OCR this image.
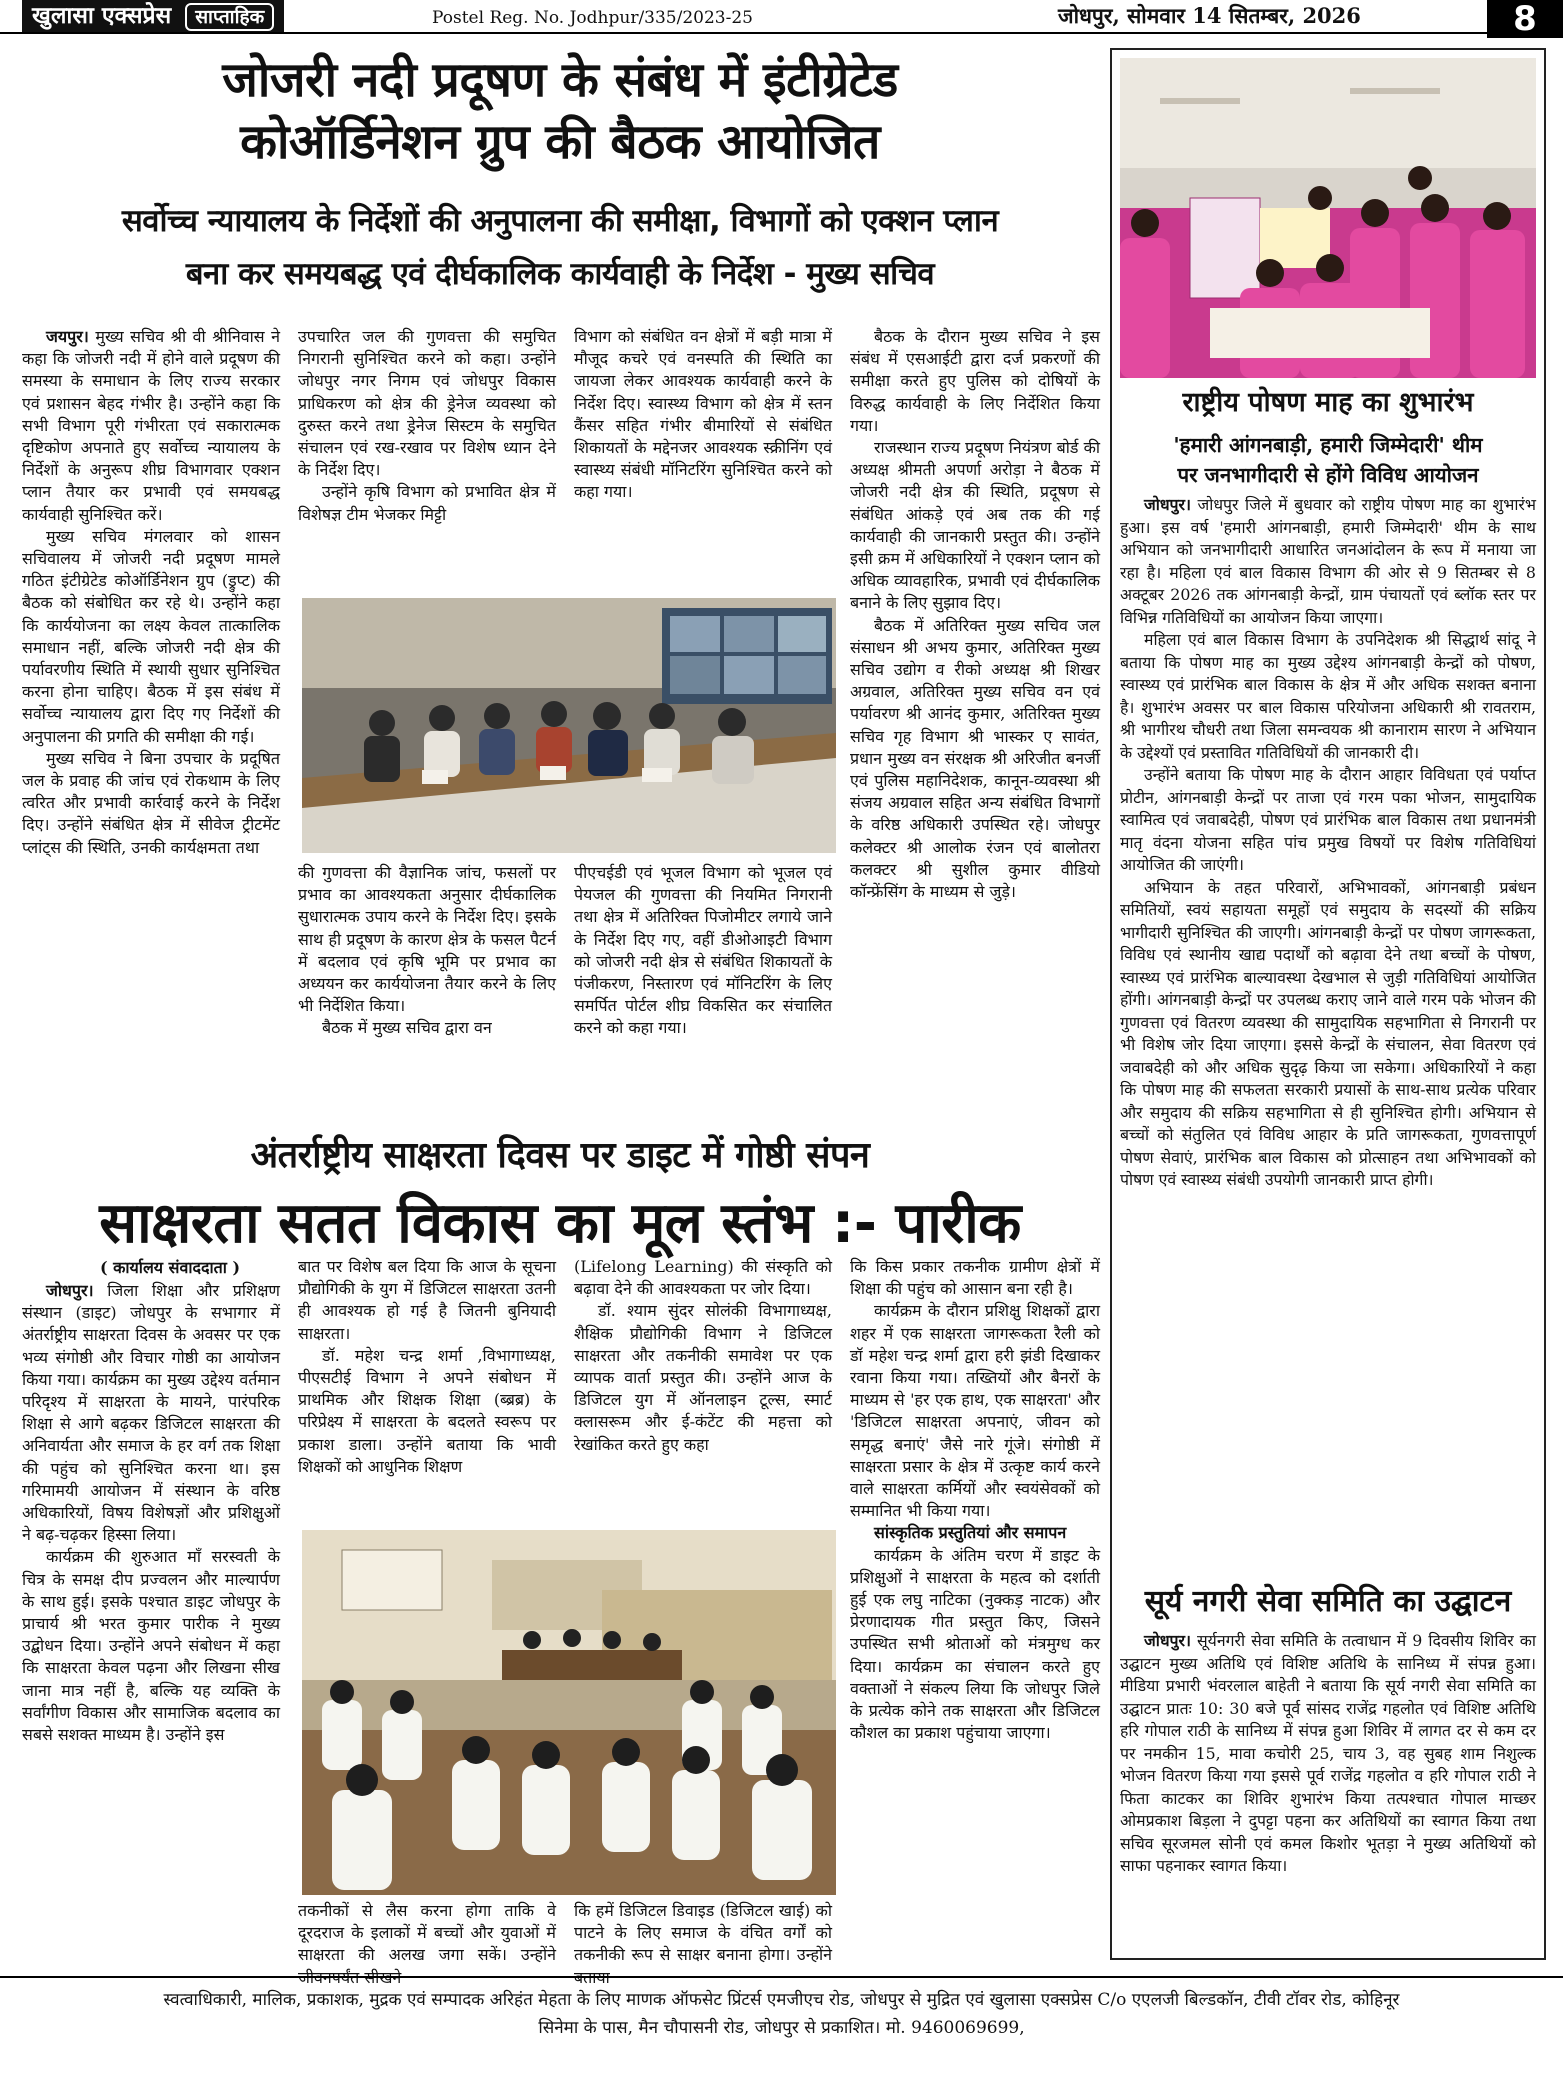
खुलासा एक्सप्रेस साप्ताहिक	Postel Reg. No. Jodhpur/335/2023-25	जोधपुर, सोमवार 14 सितम्बर, 2026	8
जोजरी नदी प्रदूषण के संबंध में इंटीग्रेटेड
कोऑर्डिनेशन ग्रुप की बैठक आयोजित
सर्वोच्च न्यायालय के निर्देशों की अनुपालना की समीक्षा, विभागों को एक्शन प्लान
बना कर समयबद्ध एवं दीर्घकालिक कार्यवाही के निर्देश - मुख्य सचिव

जयपुर। मुख्य सचिव श्री वी श्रीनिवास ने कहा कि जोजरी नदी में होने वाले प्रदूषण की समस्या के समाधान के लिए राज्य सरकार एवं प्रशासन बेहद गंभीर है। उन्होंने कहा कि सभी विभाग पूरी गंभीरता एवं सकारात्मक दृष्टिकोण अपनाते हुए सर्वोच्च न्यायालय के निर्देशों के अनुरूप शीघ्र विभागवार एक्शन प्लान तैयार कर प्रभावी एवं समयबद्ध कार्यवाही सुनिश्चित करें।

मुख्य सचिव मंगलवार को शासन सचिवालय में जोजरी नदी प्रदूषण मामले गठित इंटीग्रेटेड कोऑर्डिनेशन ग्रुप (ड्रुप्ट) की बैठक को संबोधित कर रहे थे। उन्होंने कहा कि कार्ययोजना का लक्ष्य केवल तात्कालिक समाधान नहीं, बल्कि जोजरी नदी क्षेत्र की पर्यावरणीय स्थिति में स्थायी सुधार सुनिश्चित करना होना चाहिए। बैठक में इस संबंध में सर्वोच्च न्यायालय द्वारा दिए गए निर्देशों की अनुपालना की प्रगति की समीक्षा की गई।

मुख्य सचिव ने बिना उपचार के प्रदूषित जल के प्रवाह की जांच एवं रोकथाम के लिए त्वरित और प्रभावी कार्रवाई करने के निर्देश दिए। उन्होंने संबंधित क्षेत्र में सीवेज ट्रीटमेंट प्लांट्स की स्थिति, उनकी कार्यक्षमता तथा

उपचारित जल की गुणवत्ता की समुचित निगरानी सुनिश्चित करने को कहा। उन्होंने जोधपुर नगर निगम एवं जोधपुर विकास प्राधिकरण को क्षेत्र की ड्रेनेज व्यवस्था को दुरुस्त करने तथा ड्रेनेज सिस्टम के समुचित संचालन एवं रख-रखाव पर विशेष ध्यान देने के निर्देश दिए।

उन्होंने कृषि विभाग को प्रभावित क्षेत्र में विशेषज्ञ टीम भेजकर मिट्टी

विभाग को संबंधित वन क्षेत्रों में बड़ी मात्रा में मौजूद कचरे एवं वनस्पति की स्थिति का जायजा लेकर आवश्यक कार्यवाही करने के निर्देश दिए। स्वास्थ्य विभाग को क्षेत्र में स्तन कैंसर सहित गंभीर बीमारियों से संबंधित शिकायतों के मद्देनजर आवश्यक स्क्रीनिंग एवं स्वास्थ्य संबंधी मॉनिटरिंग सुनिश्चित करने को कहा गया।

बैठक के दौरान मुख्य सचिव ने इस संबंध में एसआईटी द्वारा दर्ज प्रकरणों की समीक्षा करते हुए पुलिस को दोषियों के विरुद्ध कार्यवाही के लिए निर्देशित किया गया।

राजस्थान राज्य प्रदूषण नियंत्रण बोर्ड की अध्यक्ष श्रीमती अपर्णा अरोड़ा ने बैठक में जोजरी नदी क्षेत्र की स्थिति, प्रदूषण से संबंधित आंकड़े एवं अब तक की गई कार्यवाही की जानकारी प्रस्तुत की। उन्होंने इसी क्रम में अधिकारियों ने एक्शन प्लान को अधिक व्यावहारिक, प्रभावी एवं दीर्घकालिक बनाने के लिए सुझाव दिए।

बैठक में अतिरिक्त मुख्य सचिव जल संसाधन श्री अभय कुमार, अतिरिक्त मुख्य सचिव उद्योग व रीको अध्यक्ष श्री शिखर अग्रवाल, अतिरिक्त मुख्य सचिव वन एवं पर्यावरण श्री आनंद कुमार, अतिरिक्त मुख्य सचिव गृह विभाग श्री भास्कर ए सावंत, प्रधान मुख्य वन संरक्षक श्री अरिजीत बनर्जी एवं पुलिस महानिदेशक, कानून-व्यवस्था श्री संजय अग्रवाल सहित अन्य संबंधित विभागों के वरिष्ठ अधिकारी उपस्थित रहे। जोधपुर कलेक्टर श्री आलोक रंजन एवं बालोतरा कलक्टर श्री सुशील कुमार वीडियो कॉन्फ्रेंसिंग के माध्यम से जुड़े।

की गुणवत्ता की वैज्ञानिक जांच, फसलों पर प्रभाव का आवश्यकता अनुसार दीर्घकालिक सुधारात्मक उपाय करने के निर्देश दिए। इसके साथ ही प्रदूषण के कारण क्षेत्र के फसल पैटर्न में बदलाव एवं कृषि भूमि पर प्रभाव का अध्ययन कर कार्ययोजना तैयार करने के लिए भी निर्देशित किया।

बैठक में मुख्य सचिव द्वारा वन

पीएचईडी एवं भूजल विभाग को भूजल एवं पेयजल की गुणवत्ता की नियमित निगरानी तथा क्षेत्र में अतिरिक्त पिजोमीटर लगाये जाने के निर्देश दिए गए, वहीं डीओआइटी विभाग को जोजरी नदी क्षेत्र से संबंधित शिकायतों के पंजीकरण, निस्तारण एवं मॉनिटरिंग के लिए समर्पित पोर्टल शीघ्र विकसित कर संचालित करने को कहा गया।

अंतर्राष्ट्रीय साक्षरता दिवस पर डाइट में गोष्ठी संपन
साक्षरता सतत विकास का मूल स्तंभ :- पारीक
( कार्यालय संवाददाता )

जोधपुर। जिला शिक्षा और प्रशिक्षण संस्थान (डाइट) जोधपुर के सभागार में अंतर्राष्ट्रीय साक्षरता दिवस के अवसर पर एक भव्य संगोष्ठी और विचार गोष्ठी का आयोजन किया गया। कार्यक्रम का मुख्य उद्देश्य वर्तमान परिदृश्य में साक्षरता के मायने, पारंपरिक शिक्षा से आगे बढ़कर डिजिटल साक्षरता की अनिवार्यता और समाज के हर वर्ग तक शिक्षा की पहुंच को सुनिश्चित करना था। इस गरिमामयी आयोजन में संस्थान के वरिष्ठ अधिकारियों, विषय विशेषज्ञों और प्रशिक्षुओं ने बढ़-चढ़कर हिस्सा लिया।

कार्यक्रम की शुरुआत माँ सरस्वती के चित्र के समक्ष दीप प्रज्वलन और माल्यार्पण के साथ हुई। इसके पश्चात डाइट जोधपुर के प्राचार्य श्री भरत कुमार पारीक ने मुख्य उद्बोधन दिया। उन्होंने अपने संबोधन में कहा कि साक्षरता केवल पढ़ना और लिखना सीख जाना मात्र नहीं है, बल्कि यह व्यक्ति के सर्वांगीण विकास और सामाजिक बदलाव का सबसे सशक्त माध्यम है। उन्होंने इस

बात पर विशेष बल दिया कि आज के सूचना प्रौद्योगिकी के युग में डिजिटल साक्षरता उतनी ही आवश्यक हो गई है जितनी बुनियादी साक्षरता।

डॉ. महेश चन्द्र शर्मा ,विभागाध्यक्ष, पीएसटीई विभाग ने अपने संबोधन में प्राथमिक और शिक्षक शिक्षा (ब्ब्रब्र) के परिप्रेक्ष्य में साक्षरता के बदलते स्वरूप पर प्रकाश डाला। उन्होंने बताया कि भावी शिक्षकों को आधुनिक शिक्षण

(Lifelong Learning) की संस्कृति को बढ़ावा देने की आवश्यकता पर जोर दिया।

डॉ. श्याम सुंदर सोलंकी विभागाध्यक्ष, शैक्षिक प्रौद्योगिकी विभाग ने डिजिटल साक्षरता और तकनीकी समावेश पर एक व्यापक वार्ता प्रस्तुत की। उन्होंने आज के डिजिटल युग में ऑनलाइन टूल्स, स्मार्ट क्लासरूम और ई-कंटेंट की महत्ता को रेखांकित करते हुए कहा

कि किस प्रकार तकनीक ग्रामीण क्षेत्रों में शिक्षा की पहुंच को आसान बना रही है।

कार्यक्रम के दौरान प्रशिक्षु शिक्षकों द्वारा शहर में एक साक्षरता जागरूकता रैली को डॉ महेश चन्द्र शर्मा द्वारा हरी झंडी दिखाकर रवाना किया गया। तख्तियों और बैनरों के माध्यम से 'हर एक हाथ, एक साक्षरता' और 'डिजिटल साक्षरता अपनाएं, जीवन को समृद्ध बनाएं' जैसे नारे गूंजे। संगोष्ठी में साक्षरता प्रसार के क्षेत्र में उत्कृष्ट कार्य करने वाले साक्षरता कर्मियों और स्वयंसेवकों को सम्मानित भी किया गया।

सांस्कृतिक प्रस्तुतियां और समापन

कार्यक्रम के अंतिम चरण में डाइट के प्रशिक्षुओं ने साक्षरता के महत्व को दर्शाती हुई एक लघु नाटिका (नुक्कड़ नाटक) और प्रेरणादायक गीत प्रस्तुत किए, जिसने उपस्थित सभी श्रोताओं को मंत्रमुग्ध कर दिया। कार्यक्रम का संचालन करते हुए वक्ताओं ने संकल्प लिया कि जोधपुर जिले के प्रत्येक कोने तक साक्षरता और डिजिटल कौशल का प्रकाश पहुंचाया जाएगा।

तकनीकों से लैस करना होगा ताकि वे दूरदराज के इलाकों में बच्चों और युवाओं में साक्षरता की अलख जगा सकें। उन्होंने जीवनपर्यंत सीखने

कि हमें डिजिटल डिवाइड (डिजिटल खाई) को पाटने के लिए समाज के वंचित वर्गों को तकनीकी रूप से साक्षर बनाना होगा। उन्होंने बताया

राष्ट्रीय पोषण माह का शुभारंभ
'हमारी आंगनबाड़ी, हमारी जिम्मेदारी' थीम
पर जनभागीदारी से होंगे विविध आयोजन

जोधपुर। जोधपुर जिले में बुधवार को राष्ट्रीय पोषण माह का शुभारंभ हुआ। इस वर्ष 'हमारी आंगनबाड़ी, हमारी जिम्मेदारी' थीम के साथ अभियान को जनभागीदारी आधारित जनआंदोलन के रूप में मनाया जा रहा है। महिला एवं बाल विकास विभाग की ओर से 9 सितम्बर से 8 अक्टूबर 2026 तक आंगनबाड़ी केन्द्रों, ग्राम पंचायतों एवं ब्लॉक स्तर पर विभिन्न गतिविधियों का आयोजन किया जाएगा।

महिला एवं बाल विकास विभाग के उपनिदेशक श्री सिद्धार्थ सांदू ने बताया कि पोषण माह का मुख्य उद्देश्य आंगनबाड़ी केन्द्रों को पोषण, स्वास्थ्य एवं प्रारंभिक बाल विकास के क्षेत्र में और अधिक सशक्त बनाना है। शुभारंभ अवसर पर बाल विकास परियोजना अधिकारी श्री रावतराम, श्री भागीरथ चौधरी तथा जिला समन्वयक श्री कानाराम सारण ने अभियान के उद्देश्यों एवं प्रस्तावित गतिविधियों की जानकारी दी।

उन्होंने बताया कि पोषण माह के दौरान आहार विविधता एवं पर्याप्त प्रोटीन, आंगनबाड़ी केन्द्रों पर ताजा एवं गरम पका भोजन, सामुदायिक स्वामित्व एवं जवाबदेही, पोषण एवं प्रारंभिक बाल विकास तथा प्रधानमंत्री मातृ वंदना योजना सहित पांच प्रमुख विषयों पर विशेष गतिविधियां आयोजित की जाएंगी।

अभियान के तहत परिवारों, अभिभावकों, आंगनबाड़ी प्रबंधन समितियों, स्वयं सहायता समूहों एवं समुदाय के सदस्यों की सक्रिय भागीदारी सुनिश्चित की जाएगी। आंगनबाड़ी केन्द्रों पर पोषण जागरूकता, विविध एवं स्थानीय खाद्य पदार्थों को बढ़ावा देने तथा बच्चों के पोषण, स्वास्थ्य एवं प्रारंभिक बाल्यावस्था देखभाल से जुड़ी गतिविधियां आयोजित होंगी। आंगनबाड़ी केन्द्रों पर उपलब्ध कराए जाने वाले गरम पके भोजन की गुणवत्ता एवं वितरण व्यवस्था की सामुदायिक सहभागिता से निगरानी पर भी विशेष जोर दिया जाएगा। इससे केन्द्रों के संचालन, सेवा वितरण एवं जवाबदेही को और अधिक सुदृढ़ किया जा सकेगा। अधिकारियों ने कहा कि पोषण माह की सफलता सरकारी प्रयासों के साथ-साथ प्रत्येक परिवार और समुदाय की सक्रिय सहभागिता से ही सुनिश्चित होगी। अभियान से बच्चों को संतुलित एवं विविध आहार के प्रति जागरूकता, गुणवत्तापूर्ण पोषण सेवाएं, प्रारंभिक बाल विकास को प्रोत्साहन तथा अभिभावकों को पोषण एवं स्वास्थ्य संबंधी उपयोगी जानकारी प्राप्त होगी।

सूर्य नगरी सेवा समिति का उद्घाटन

जोधपुर। सूर्यनगरी सेवा समिति के तत्वाधान में 9 दिवसीय शिविर का उद्घाटन मुख्य अतिथि एवं विशिष्ट अतिथि के सानिध्य में संपन्न हुआ। मीडिया प्रभारी भंवरलाल बाहेती ने बताया कि सूर्य नगरी सेवा समिति का उद्घाटन प्रातः 10: 30 बजे पूर्व सांसद राजेंद्र गहलोत एवं विशिष्ट अतिथि हरि गोपाल राठी के सानिध्य में संपन्न हुआ शिविर में लागत दर से कम दर पर नमकीन 15, मावा कचोरी 25, चाय 3, वह सुबह शाम निशुल्क भोजन वितरण किया गया इससे पूर्व राजेंद्र गहलोत व हरि गोपाल राठी ने फिता काटकर का शिविर शुभारंभ किया तत्पश्चात गोपाल माच्छर ओमप्रकाश बिड़ला ने दुपट्टा पहना कर अतिथियों का स्वागत किया तथा सचिव सूरजमल सोनी एवं कमल किशोर भूतड़ा ने मुख्य अतिथियों को साफा पहनाकर स्वागत किया।

स्वत्वाधिकारी, मालिक, प्रकाशक, मुद्रक एवं सम्पादक अरिहंत मेहता के लिए माणक ऑफसेट प्रिंटर्स एमजीएच रोड, जोधपुर से मुद्रित एवं खुलासा एक्सप्रेस C/o एएलजी बिल्डकॉन, टीवी टॉवर रोड, कोहिनूर
सिनेमा के पास, मैन चौपासनी रोड, जोधपुर से प्रकाशित। मो. 9460069699,
